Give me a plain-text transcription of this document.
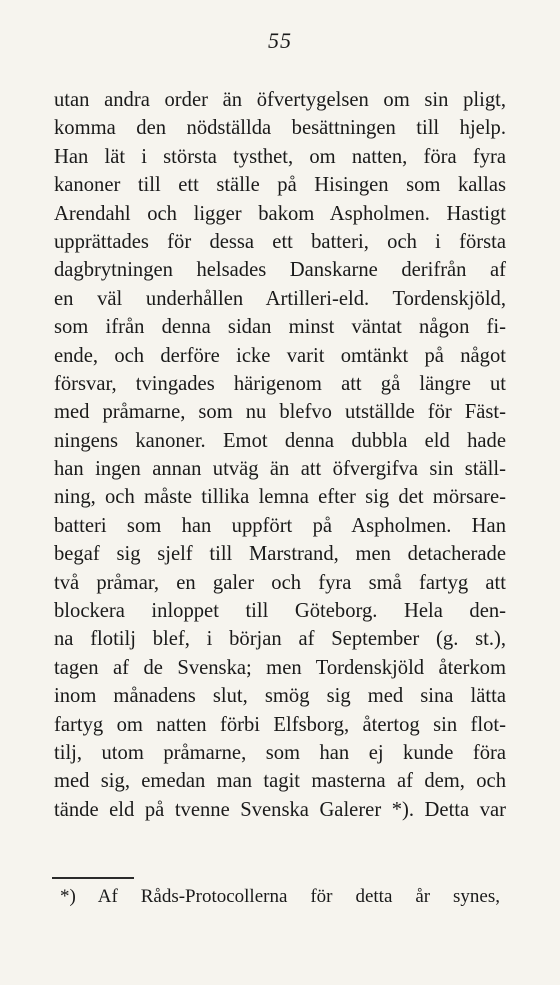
55
utan andra order än öfvertygelsen om sin pligt,
komma den nödställda besättningen till hjelp.
Han lät i största tysthet, om natten, föra fyra
kanoner till ett ställe på Hisingen som kallas
Arendahl och ligger bakom Aspholmen. Hastigt
upprättades för dessa ett batteri, och i första
dagbrytningen helsades Danskarne derifrån af
en väl underhållen Artilleri-eld. Tordenskjöld,
som ifrån denna sidan minst väntat någon fi-
ende, och derföre icke varit omtänkt på något
försvar, tvingades härigenom att gå längre ut
med pråmarne, som nu blefvo utställde för Fäst-
ningens kanoner. Emot denna dubbla eld hade
han ingen annan utväg än att öfvergifva sin ställ-
ning, och måste tillika lemna efter sig det mörsare-
batteri som han uppfört på Aspholmen. Han
begaf sig sjelf till Marstrand, men detacherade
två pråmar, en galer och fyra små fartyg att
blockera inloppet till Göteborg. Hela den-
na flotilj blef, i början af September (g. st.),
tagen af de Svenska; men Tordenskjöld återkom
inom månadens slut, smög sig med sina lätta
fartyg om natten förbi Elfsborg, återtog sin flot-
tilj, utom pråmarne, som han ej kunde föra
med sig, emedan man tagit masterna af dem, och
tände eld på tvenne Svenska Galerer *). Detta var
*) Af Råds-Protocollerna för detta år synes,
